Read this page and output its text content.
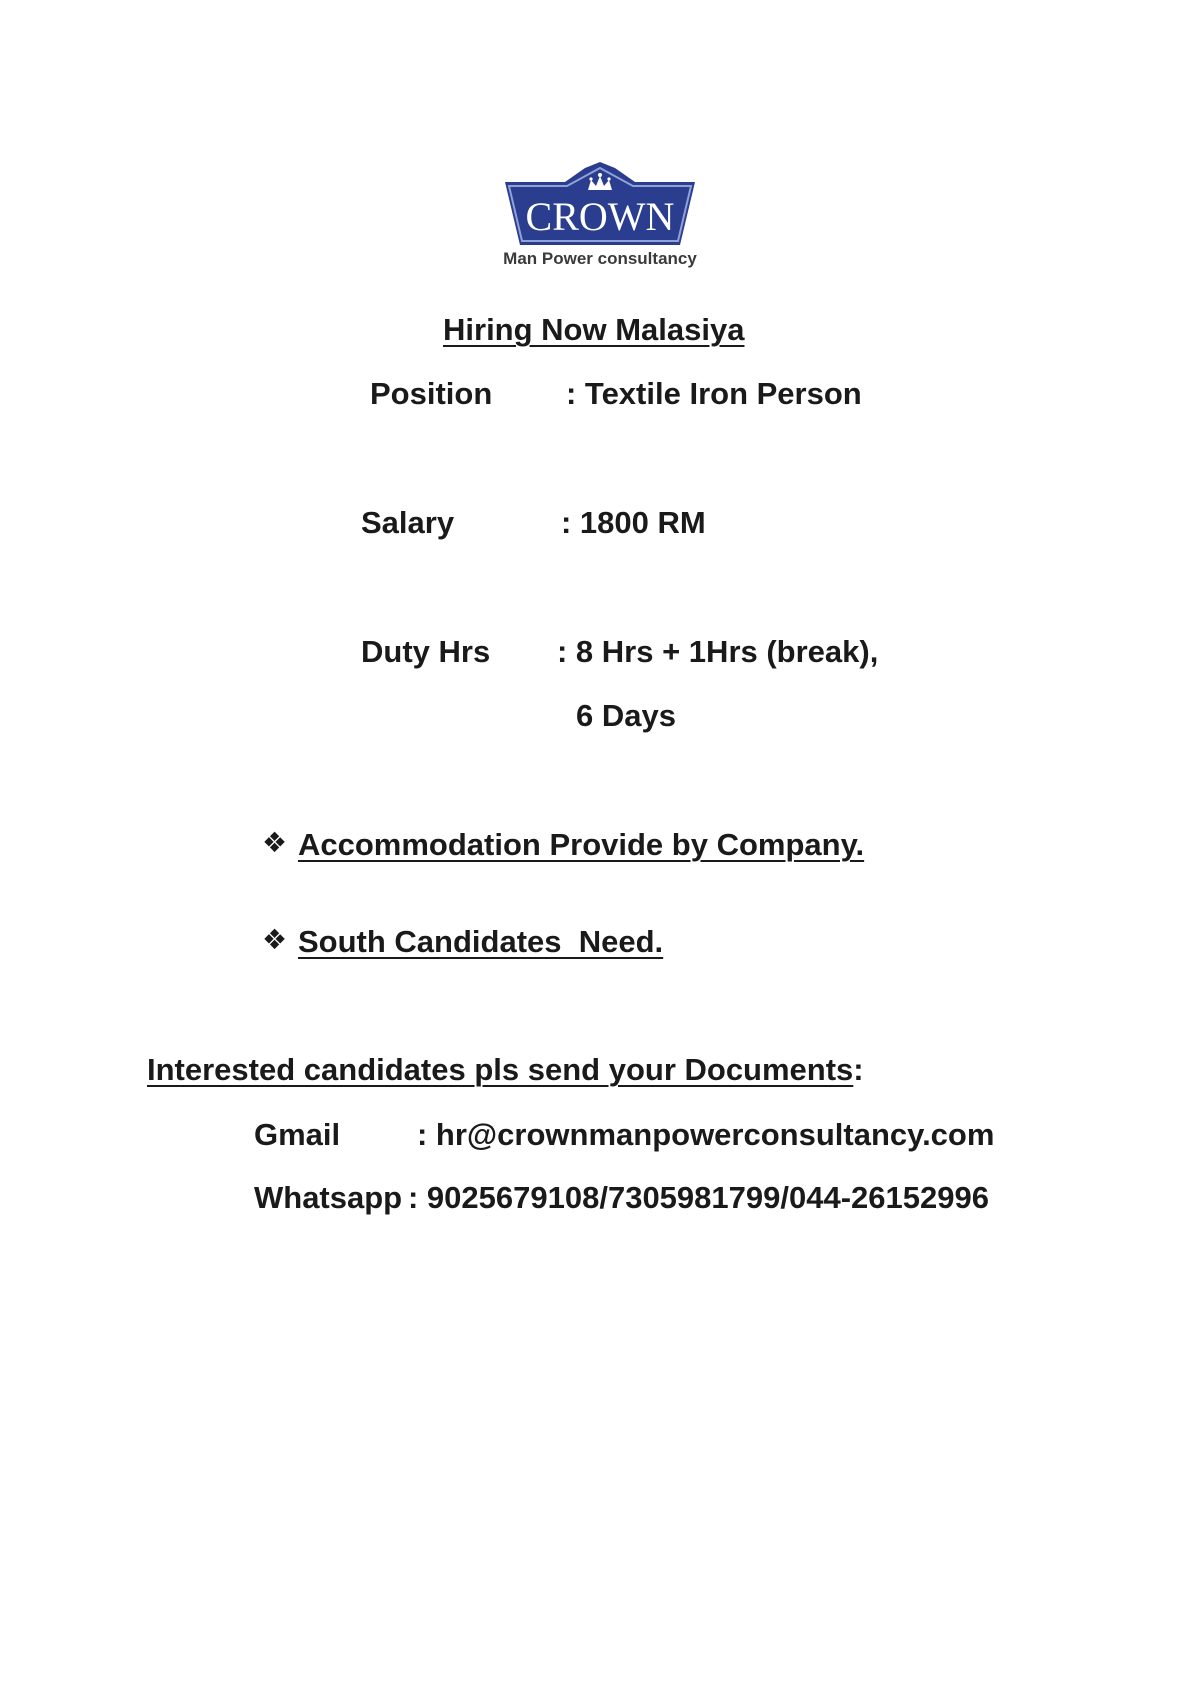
CROWN
Man Power consultancy
Hiring Now Malasiya
Position : Textile Iron Person
Salary	: 1800 RM
Duty Hrs : 8 Hrs + 1Hrs (break),
6 Days
❖ Accommodation Provide by Company.
❖ South Candidates  Need.
Interested candidates pls send your Documents:
Gmail : hr@crownmanpowerconsultancy.com
Whatsapp : 9025679108/7305981799/044-26152996
